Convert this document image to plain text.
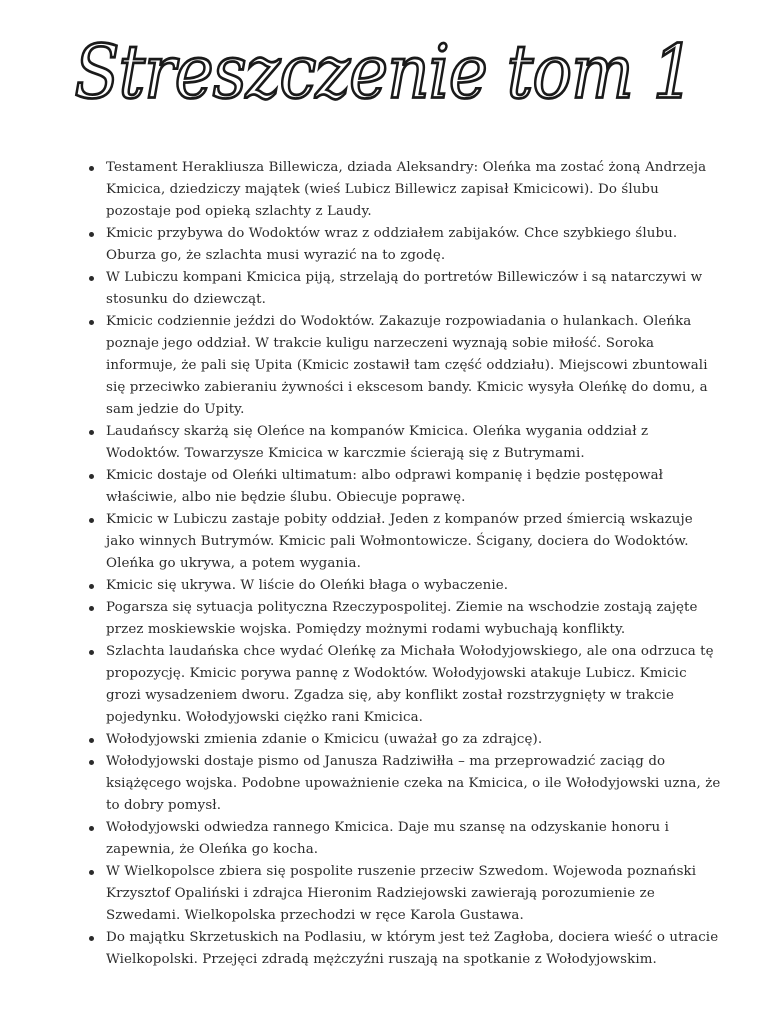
Streszczenie tom 1
Testament Herakliusza Billewicza, dziada Aleksandry: Oleńka ma zostać żoną Andrzeja Kmicica, dziedziczy majątek (wieś Lubicz Billewicz zapisał Kmicicowi). Do ślubu pozostaje pod opieką szlachty z Laudy.
Kmicic przybywa do Wodoktów wraz z oddziałem zabijaków. Chce szybkiego ślubu. Oburza go, że szlachta musi wyrazić na to zgodę.
W Lubiczu kompani Kmicica piją, strzelają do portretów Billewiczów i są natarczywi w stosunku do dziewcząt.
Kmicic codziennie jeździ do Wodoktów. Zakazuje rozpowiadania o hulankach. Oleńka poznaje jego oddział. W trakcie kuligu narzeczeni wyznają sobie miłość. Soroka informuje, że pali się Upita (Kmicic zostawił tam część oddziału). Miejscowi zbuntowali się przeciwko zabieraniu żywności i ekscesom bandy. Kmicic wysyła Oleńkę do domu, a sam jedzie do Upity.
Laudańscy skarżą się Oleńce na kompanów Kmicica. Oleńka wygania oddział z Wodoktów. Towarzysze Kmicica w karczmie ścierają się z Butrymami.
Kmicic dostaje od Oleńki ultimatum: albo odprawi kompanię i będzie postępował właściwie, albo nie będzie ślubu. Obiecuje poprawę.
Kmicic w Lubiczu zastaje pobity oddział. Jeden z kompanów przed śmiercią wskazuje jako winnych Butrymów. Kmicic pali Wołmontowicze. Ścigany, dociera do Wodoktów. Oleńka go ukrywa, a potem wygania.
Kmicic się ukrywa. W liście do Oleńki błaga o wybaczenie.
Pogarsza się sytuacja polityczna Rzeczypospolitej. Ziemie na wschodzie zostają zajęte przez moskiewskie wojska. Pomiędzy możnymi rodami wybuchają konflikty.
Szlachta laudańska chce wydać Oleńkę za Michała Wołodyjowskiego, ale ona odrzuca tę propozycję. Kmicic porywa pannę z Wodoktów. Wołodyjowski atakuje Lubicz. Kmicic grozi wysadzeniem dworu. Zgadza się, aby konflikt został rozstrzygnięty w trakcie pojedynku. Wołodyjowski ciężko rani Kmicica.
Wołodyjowski zmienia zdanie o Kmicicu (uważał go za zdrajcę).
Wołodyjowski dostaje pismo od Janusza Radziwiłła – ma przeprowadzić zaciąg do książęcego wojska. Podobne upoważnienie czeka na Kmicica, o ile Wołodyjowski uzna, że to dobry pomysł.
Wołodyjowski odwiedza rannego Kmicica. Daje mu szansę na odzyskanie honoru i zapewnia, że Oleńka go kocha.
W Wielkopolsce zbiera się pospolite ruszenie przeciw Szwedom. Wojewoda poznański Krzysztof Opaliński i zdrajca Hieronim Radziejowski zawierają porozumienie ze Szwedami. Wielkopolska przechodzi w ręce Karola Gustawa.
Do majątku Skrzetuskich na Podlasiu, w którym jest też Zagłoba, dociera wieść o utracie Wielkopolski. Przejęci zdradą mężczyźni ruszają na spotkanie z Wołodyjowskim.
